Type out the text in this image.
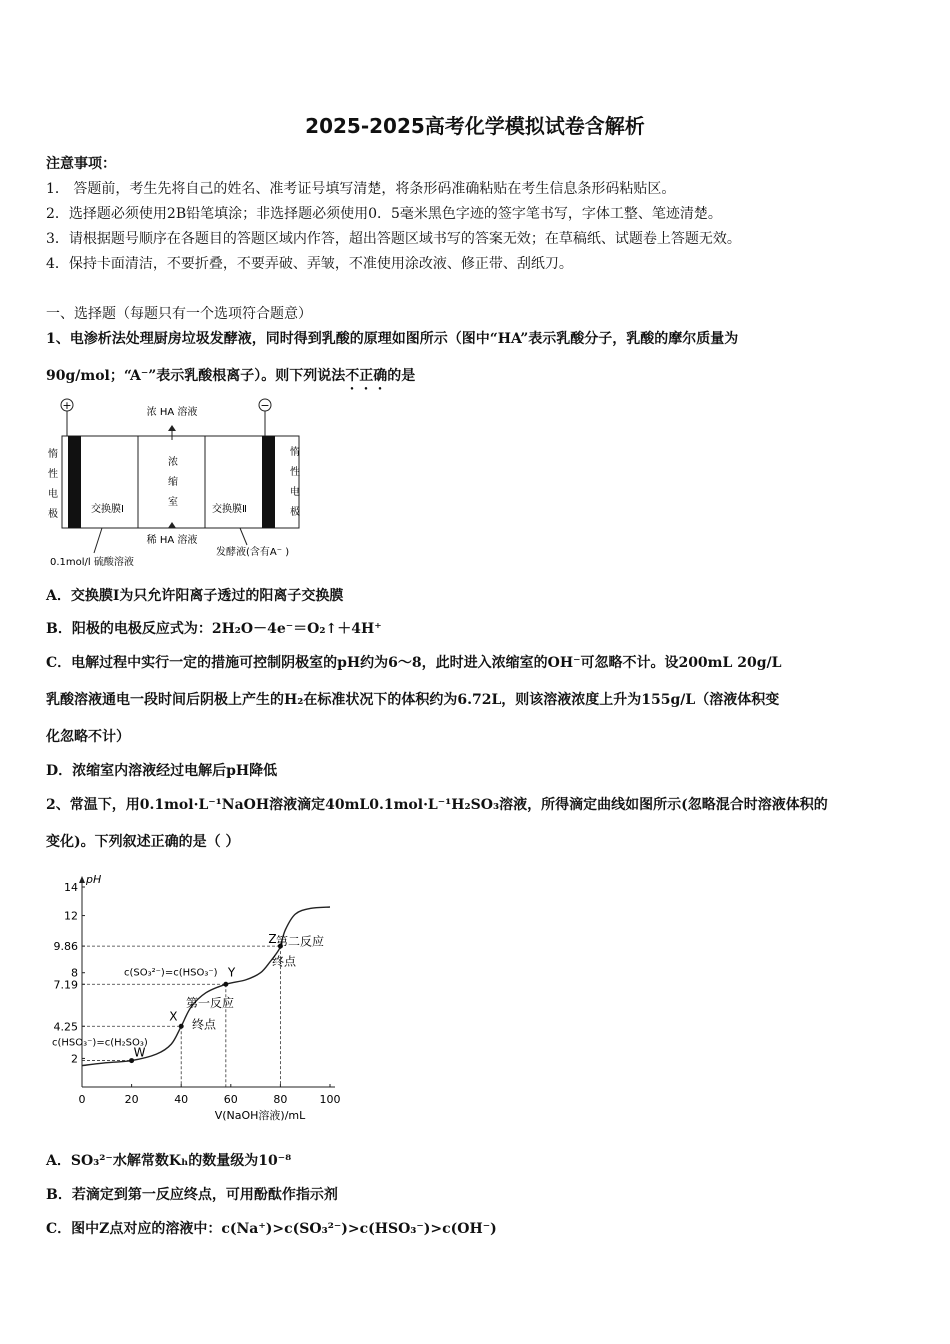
2025-2025高考化学模拟试卷含解析
注意事项：
1． 答题前，考生先将自己的姓名、准考证号填写清楚，将条形码准确粘贴在考生信息条形码粘贴区。
2．选择题必须使用2B铅笔填涂；非选择题必须使用0．5毫米黑色字迹的签字笔书写，字体工整、笔迹清楚。
3．请根据题号顺序在各题目的答题区域内作答，超出答题区域书写的答案无效；在草稿纸、试题卷上答题无效。
4．保持卡面清洁，不要折叠，不要弄破、弄皱，不准使用涂改液、修正带、刮纸刀。
一、选择题（每题只有一个选项符合题意）
1、电渗析法处理厨房垃圾发酵液，同时得到乳酸的原理如图所示（图中“HA”表示乳酸分子，乳酸的摩尔质量为
90g/mol；“A⁻”表示乳酸根离子）。则下列说法不正确的是
+	−
浓 HA 溶液
稀 HA 溶液
惰
性
电
极
惰
性
电
极
浓
缩
室
交换膜Ⅰ	交换膜Ⅱ
0.1mol/l 硫酸溶液
发酵液(含有A⁻ )
A．交换膜Ⅰ为只允许阳离子透过的阳离子交换膜
B．阳极的电极反应式为：2H₂O－4e⁻＝O₂↑＋4H⁺
C．电解过程中实行一定的措施可控制阴极室的pH约为6～8，此时进入浓缩室的OH⁻可忽略不计。设200mL 20g/L
乳酸溶液通电一段时间后阴极上产生的H₂在标准状况下的体积约为6.72L，则该溶液浓度上升为155g/L（溶液体积变
化忽略不计）
D．浓缩室内溶液经过电解后pH降低
2、常温下，用0.1mol·L⁻¹NaOH溶液滴定40mL0.1mol·L⁻¹H₂SO₃溶液，所得滴定曲线如图所示(忽略混合时溶液体积的
变化)。下列叙述正确的是（ ）
pH
V(NaOH溶液)/mL
0	20	40	60	80	100
2
4.25
7.19
8
9.86
12
14
W
X
Y
Z
c(HSO₃⁻)=c(H₂SO₃)
c(SO₃²⁻)=c(HSO₃⁻)
第一反应
终点
第二反应
终点
A．SO₃²⁻水解常数Kₕ的数量级为10⁻⁸
B．若滴定到第一反应终点，可用酚酞作指示剂
C．图中Z点对应的溶液中：c(Na⁺)>c(SO₃²⁻)>c(HSO₃⁻)>c(OH⁻)
